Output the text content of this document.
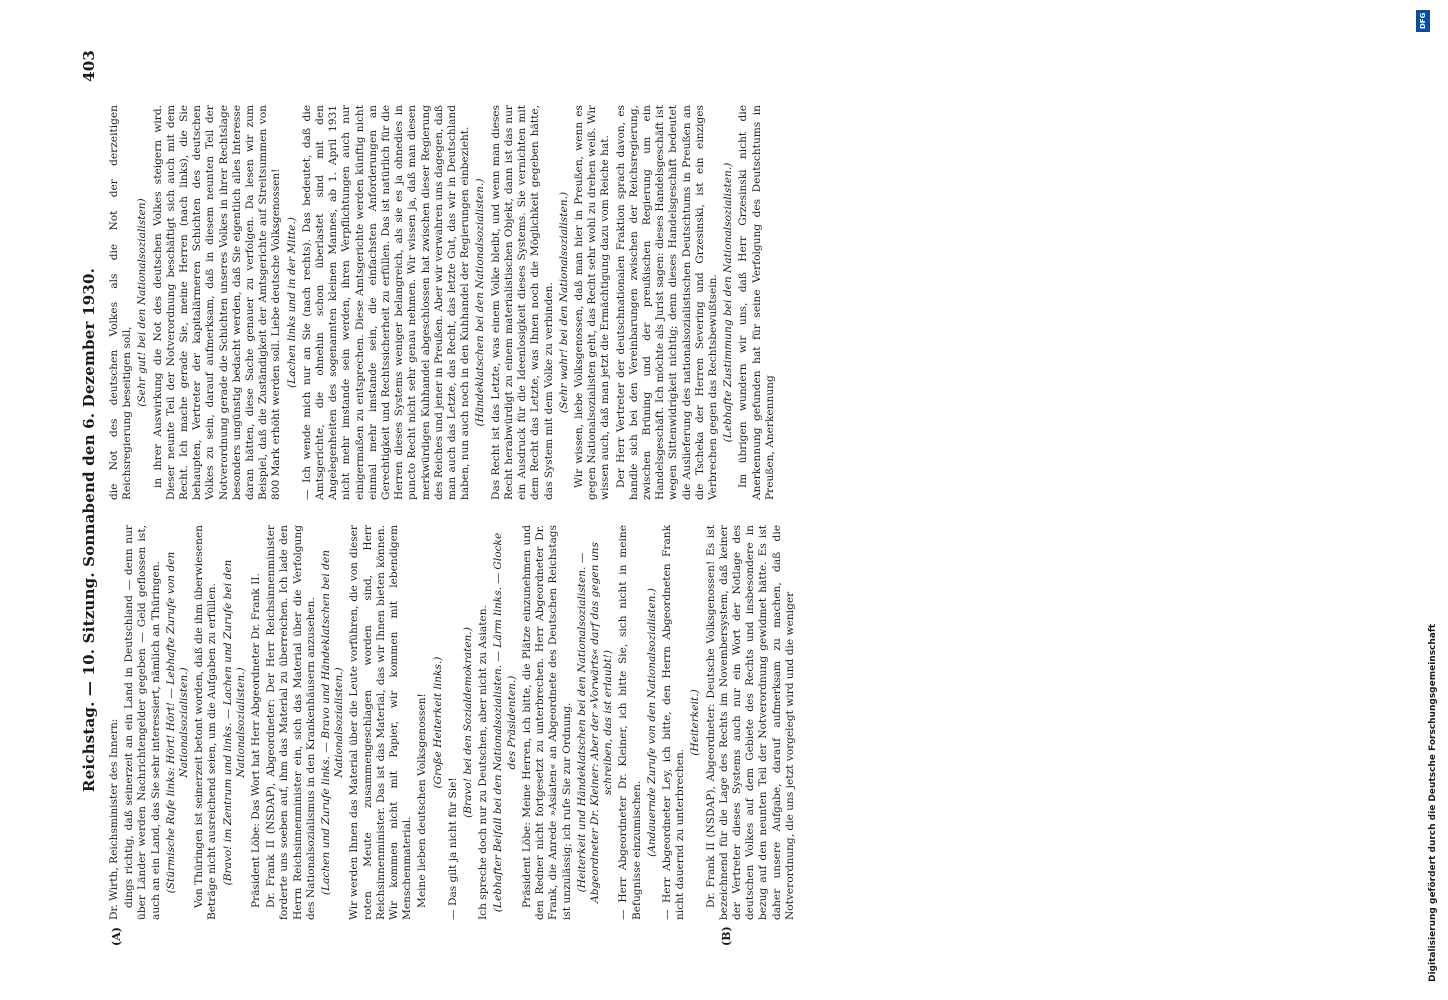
Reichstag. — 10. Sitzung. Sonnabend den 6. Dezember 1930.
403
(A)	(B)

Dr. Wirth, Reichsminister des Innern: dings richtig, daß seinerzeit an ein Land in Deutschland — denn nur über Länder werden Nachrichtengelder gegeben — Geld geflossen ist, auch an ein Land, das Sie sehr interessiert, nämlich an Thüringen. (Stürmische Rufe links: Hört! Hört! — Lebhafte Zurufe von den Nationalsozialisten.) Von Thüringen ist seinerzeit betont worden, daß die ihm überwiesenen Beträge nicht ausreichend seien, um die Aufgaben zu erfüllen. (Bravo! im Zentrum und links. — Lachen und Zurufe bei den Nationalsozialisten.) Präsident Löbe: Das Wort hat Herr Abgeordneter Dr. Frank II. Dr. Frank II (NSDAP), Abgeordneter: Der Herr Reichsinnenminister forderte uns soeben auf, ihm das Material zu überreichen. Ich lade den Herrn Reichsinnenminister ein, sich das Material über die Verfolgung des Nationalsozialismus in den Krankenhäusern anzusehen. (Lachen und Zurufe links. — Bravo und Händeklatschen bei den Nationalsozialisten.) Wir werden Ihnen das Material über die Leute vorführen, die von dieser roten Meute zusammengeschlagen worden sind, Herr Reichsinnenminister. Das ist das Material, das wir Ihnen bieten können. Wir kommen nicht mit Papier, wir kommen mit lebendigem Menschenmaterial. Meine lieben deutschen Volksgenossen! (Große Heiterkeit links.)

— Das gilt ja nicht für Sie!

(Bravo! bei den Sozialdemokraten.) Ich spreche doch nur zu Deutschen, aber nicht zu Asiaten. (Lebhafter Beifall bei den Nationalsozialisten. — Lärm links. — Glocke des Präsidenten.) Präsident Löbe: Meine Herren, ich bitte, die Plätze einzunehmen und den Redner nicht fortgesetzt zu unterbrechen. Herr Abgeordneter Dr. Frank, die Anrede »Asiaten« an Abgeordnete des Deutschen Reichstags ist unzulässig; ich rufe Sie zur Ordnung. (Heiterkeit und Händeklatschen bei den Nationalsozialisten. — Abgeordneter Dr. Kleiner: Aber der »Vorwärts« darf das gegen uns schreiben, das ist erlaubt!) — Herr Abgeordneter Dr. Kleiner, ich bitte Sie, sich nicht in meine Befugnisse einzumischen. (Andauernde Zurufe von den Nationalsozialisten.) — Herr Abgeordneter Ley, ich bitte, den Herrn Abgeordneten Frank nicht dauernd zu unterbrechen.

(Heiterkeit.) Dr. Frank II (NSDAP), Abgeordneter: Deutsche Volksgenossen! Es ist bezeichnend für die Lage des Rechts im Novembersystem, daß keiner der Vertreter dieses Systems auch nur ein Wort der Notlage des deutschen Volkes auf dem Gebiete des Rechts und insbesondere in bezug auf den neunten Teil der Notverordnung gewidmet hätte. Es ist daher unsere Aufgabe, darauf aufmerksam zu machen, daß die Notverordnung, die uns jetzt vorgelegt wird und die weniger

die Not des deutschen Volkes als die Not der derzeitigen Reichsregierung beseitigen soll,

(Sehr gut! bei den Nationalsozialisten) in ihrer Auswirkung die Not des deutschen Volkes steigern wird. Dieser neunte Teil der Notverordnung beschäftigt sich auch mit dem Recht. Ich mache gerade Sie, meine Herren (nach links), die Sie behaupten, Vertreter der kapitalärmeren Schichten des deutschen Volkes zu sein, darauf aufmerksam, daß in diesem neunten Teil der Notverordnung gerade die Schichten unseres Volkes in ihrer Rechtslage besonders ungünstig bedacht werden, daß Sie eigentlich alles Interesse daran hätten, diese Sache genauer zu verfolgen. Da lesen wir zum Beispiel, daß die Zuständigkeit der Amtsgerichte auf Streitsummen von 800 Mark erhöht werden soll. Liebe deutsche Volksgenossen! (Lachen links und in der Mitte.) — Ich wende mich nur an Sie (nach rechts). Das bedeutet, daß die Amtsgerichte, die ohnehin schon überlastet sind mit den Angelegenheiten des sogenannten kleinen Mannes, ab 1. April 1931 nicht mehr imstande sein werden, ihren Verpflichtungen auch nur einigermaßen zu entsprechen. Diese Amtsgerichte werden künftig nicht einmal mehr imstande sein, die einfachsten Anforderungen an Gerechtigkeit und Rechtssicherheit zu erfüllen. Das ist natürlich für die Herren dieses Systems weniger belangreich, als sie es ja ohnedies in puncto Recht nicht sehr genau nehmen. Wir wissen ja, daß man diesen merkwürdigen Kuhhandel abgeschlossen hat zwischen dieser Regierung des Reiches und jener in Preußen. Aber wir verwahren uns dagegen, daß man auch das Letzte, das Recht, das letzte Gut, das wir in Deutschland haben, nun auch noch in den Kuhhandel der Regierungen einbezieht. (Händeklatschen bei den Nationalsozialisten.) Das Recht ist das Letzte, was einem Volke bleibt, und wenn man dieses Recht herabwürdigt zu einem materialistischen Objekt, dann ist das nur ein Ausdruck für die Ideenlosigkeit dieses Systems. Sie vernichten mit dem Recht das Letzte, was Ihnen noch die Möglichkeit gegeben hätte, das System mit dem Volke zu verbinden. (Sehr wahr! bei den Nationalsozialisten.) Wir wissen, liebe Volksgenossen, daß man hier in Preußen, wenn es gegen Nationalsozialisten geht, das Recht sehr wohl zu drehen weiß. Wir wissen auch, daß man jetzt die Ermächtigung dazu vom Reiche hat. Der Herr Vertreter der deutschnationalen Fraktion sprach davon, es handle sich bei den Vereinbarungen zwischen der Reichsregierung, zwischen Brüning und der preußischen Regierung um ein Handelsgeschäft. Ich möchte als Jurist sagen: dieses Handelsgeschäft ist wegen Sittenwidrigkeit nichtig; denn dieses Handelsgeschäft bedeutet die Auslieferung des nationalsozialistischen Deutschtums in Preußen an die Tscheka der Herren Severing und Grzesinski, ist ein einziges Verbrechen gegen das Rechtsbewußtsein. (Lebhafte Zustimmung bei den Nationalsozialisten.) Im übrigen wundern wir uns, daß Herr Grzesinski nicht die Anerkennung gefunden hat für seine Verfolgung des Deutschtums in Preußen, Anerkennung

Digitalisierung gefördert durch die Deutsche Forschungsgemeinschaft
DFG
